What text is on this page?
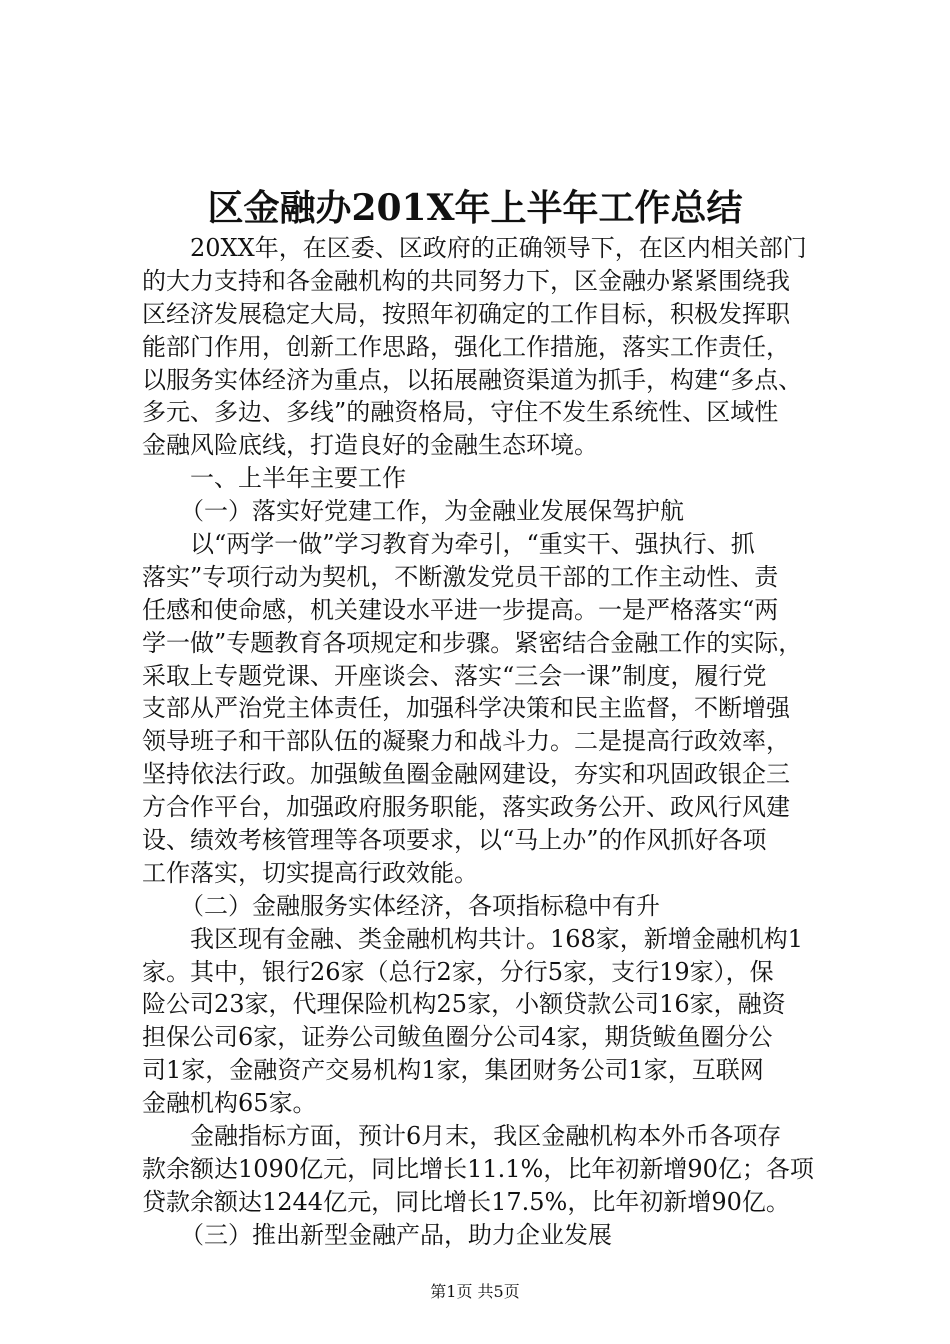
区金融办201X年上半年工作总结
20XX年，在区委、区政府的正确领导下，在区内相关部门
的大力支持和各金融机构的共同努力下，区金融办紧紧围绕我
区经济发展稳定大局，按照年初确定的工作目标，积极发挥职
能部门作用，创新工作思路，强化工作措施，落实工作责任，
以服务实体经济为重点，以拓展融资渠道为抓手，构建“多点、
多元、多边、多线”的融资格局，守住不发生系统性、区域性
金融风险底线，打造良好的金融生态环境。
一、上半年主要工作
（一）落实好党建工作，为金融业发展保驾护航
以“两学一做”学习教育为牵引，“重实干、强执行、抓
落实”专项行动为契机，不断激发党员干部的工作主动性、责
任感和使命感，机关建设水平进一步提高。一是严格落实“两
学一做”专题教育各项规定和步骤。紧密结合金融工作的实际，
采取上专题党课、开座谈会、落实“三会一课”制度，履行党
支部从严治党主体责任，加强科学决策和民主监督，不断增强
领导班子和干部队伍的凝聚力和战斗力。二是提高行政效率，
坚持依法行政。加强鲅鱼圈金融网建设，夯实和巩固政银企三
方合作平台，加强政府服务职能，落实政务公开、政风行风建
设、绩效考核管理等各项要求，以“马上办”的作风抓好各项
工作落实，切实提高行政效能。
（二）金融服务实体经济，各项指标稳中有升
我区现有金融、类金融机构共计。168家，新增金融机构1
家。其中，银行26家（总行2家，分行5家，支行19家），保
险公司23家，代理保险机构25家，小额贷款公司16家，融资
担保公司6家，证券公司鲅鱼圈分公司4家，期货鲅鱼圈分公
司1家，金融资产交易机构1家，集团财务公司1家，互联网
金融机构65家。
金融指标方面，预计6月末，我区金融机构本外币各项存
款余额达1090亿元，同比增长11.1%，比年初新增90亿；各项
贷款余额达1244亿元，同比增长17.5%，比年初新增90亿。
（三）推出新型金融产品，助力企业发展
第1页 共5页
